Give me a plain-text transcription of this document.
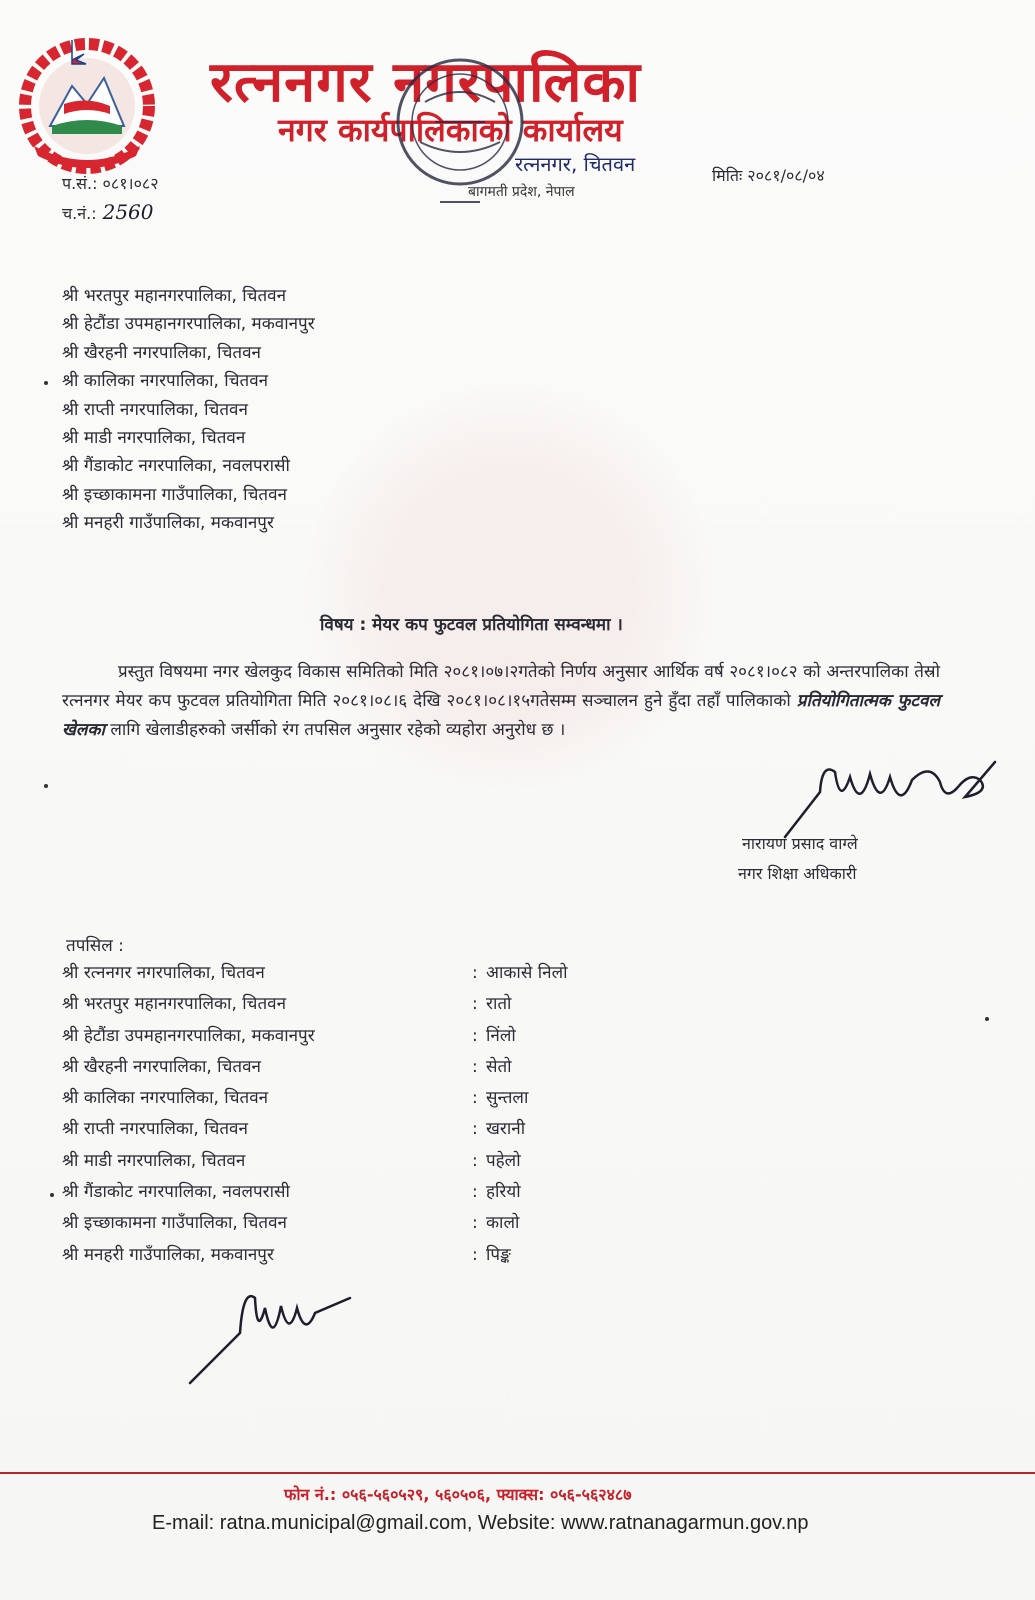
रत्ननगर नगरपालिका
नगर कार्यपालिकाको कार्यालय
रत्ननगर, चितवन
बागमती प्रदेश, नेपाल
प.सं.: ०८१।०८२
च.नं.: 2560
मितिः २०८१/०८/०४
श्री भरतपुर महानगरपालिका, चितवन
श्री हेटौंडा उपमहानगरपालिका, मकवानपुर
श्री खैरहनी नगरपालिका, चितवन
श्री कालिका नगरपालिका, चितवन
श्री राप्ती नगरपालिका, चितवन
श्री माडी नगरपालिका, चितवन
श्री गैंडाकोट नगरपालिका, नवलपरासी
श्री इच्छाकामना गाउँपालिका, चितवन
श्री मनहरी गाउँपालिका, मकवानपुर
विषय : मेयर कप फुटवल प्रतियोगिता सम्वन्धमा ।
प्रस्तुत विषयमा नगर खेलकुद विकास समितिको मिति २०८१।०७।२गतेको निर्णय अनुसार आर्थिक वर्ष २०८१।०८२ को अन्तरपालिका तेस्रो रत्ननगर मेयर कप फुटवल प्रतियोगिता मिति २०८१।०८।६ देखि २०८१।०८।१५गतेसम्म सञ्चालन हुने हुँदा तहाँ पालिकाको प्रतियोगितात्मक फुटवल खेलका लागि खेलाडीहरुको जर्सीको रंग तपसिल अनुसार रहेको व्यहोरा अनुरोध छ ।
नारायण प्रसाद वाग्ले
नगर शिक्षा अधिकारी
तपसिल :
श्री रत्ननगर नगरपालिका, चितवन	: आकासे निलो
श्री भरतपुर महानगरपालिका, चितवन	: रातो
श्री हेटौंडा उपमहानगरपालिका, मकवानपुर	: निंलो
श्री खैरहनी नगरपालिका, चितवन	: सेतो
श्री कालिका नगरपालिका, चितवन	: सुन्तला
श्री राप्ती नगरपालिका, चितवन	: खरानी
श्री माडी नगरपालिका, चितवन	: पहेलो
श्री गैंडाकोट नगरपालिका, नवलपरासी	: हरियो
श्री इच्छाकामना गाउँपालिका, चितवन	: कालो
श्री मनहरी गाउँपालिका, मकवानपुर	: पिङ्क
फोन नं.: ०५६-५६०५२९, ५६०५०६, फ्याक्स: ०५६-५६२४८७
E-mail: ratna.municipal@gmail.com, Website: www.ratnanagarmun.gov.np
